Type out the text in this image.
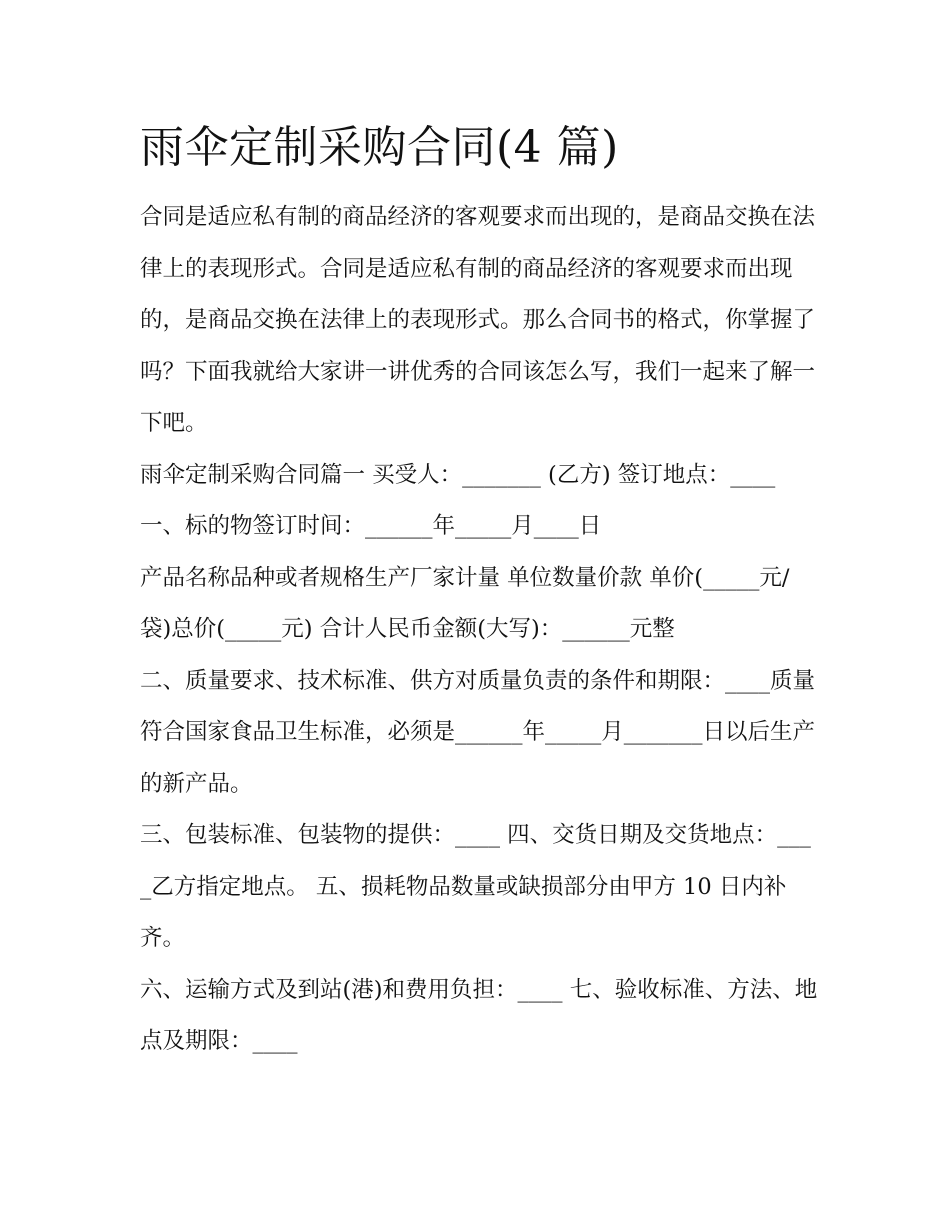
雨伞定制采购合同(4 篇)

合同是适应私有制的商品经济的客观要求而出现的，是商品交换在法律上的表现形式。合同是适应私有制的商品经济的客观要求而出现的，是商品交换在法律上的表现形式。那么合同书的格式，你掌握了吗？下面我就给大家讲一讲优秀的合同该怎么写，我们一起来了解一下吧。

雨伞定制采购合同篇一 买受人：_______ (乙方) 签订地点：____ 一、标的物签订时间：______年_____月____日

产品名称品种或者规格生产厂家计量 单位数量价款 单价(_____元/袋)总价(_____元) 合计人民币金额(大写)：______元整

二、质量要求、技术标准、供方对质量负责的条件和期限：____质量符合国家食品卫生标准，必须是______年_____月_______日以后生产的新产品。

三、包装标准、包装物的提供：____ 四、交货日期及交货地点：____乙方指定地点。 五、损耗物品数量或缺损部分由甲方 10 日内补齐。

六、运输方式及到站(港)和费用负担：____ 七、验收标准、方法、地点及期限：____
